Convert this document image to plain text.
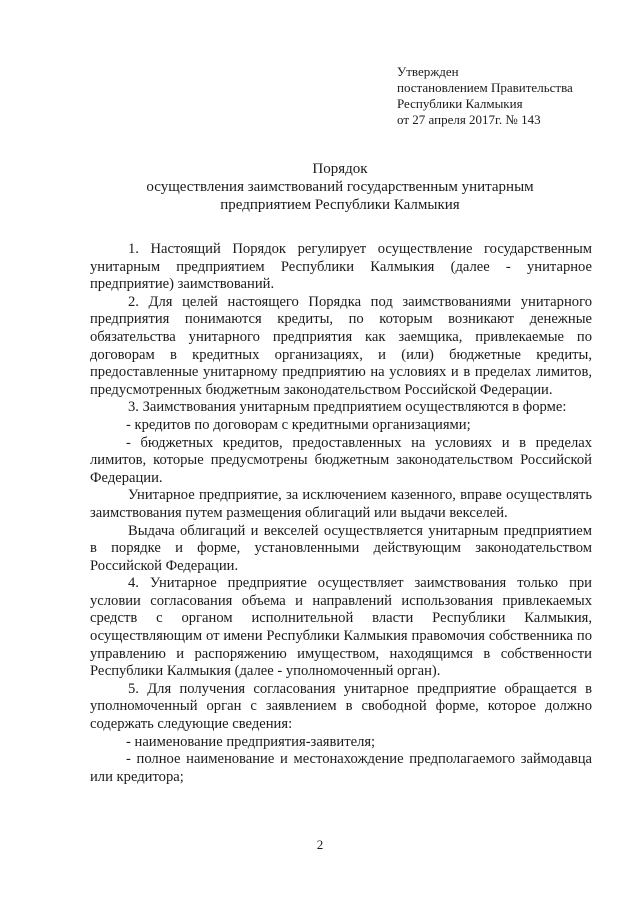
Утвержден
постановлением Правительства
Республики Калмыкия
от 27 апреля 2017г. № 143
Порядок
осуществления заимствований государственным унитарным
предприятием Республики Калмыкия

1. Настоящий Порядок регулирует осуществление государственным унитарным предприятием Республики Калмыкия (далее - унитарное предприятие) заимствований.

2. Для целей настоящего Порядка под заимствованиями унитарного предприятия понимаются кредиты, по которым возникают денежные обязательства унитарного предприятия как заемщика, привлекаемые по договорам в кредитных организациях, и (или) бюджетные кредиты, предоставленные унитарному предприятию на условиях и в пределах лимитов, предусмотренных бюджетным законодательством Российской Федерации.

3. Заимствования унитарным предприятием осуществляются в форме:

- кредитов по договорам с кредитными организациями;

- бюджетных кредитов, предоставленных на условиях и в пределах лимитов, которые предусмотрены бюджетным законодательством Российской Федерации.

Унитарное предприятие, за исключением казенного, вправе осуществлять заимствования путем размещения облигаций или выдачи векселей.

Выдача облигаций и векселей осуществляется унитарным предприятием в порядке и форме, установленными действующим законодательством Российской Федерации.

4. Унитарное предприятие осуществляет заимствования только при условии согласования объема и направлений использования привлекаемых средств с органом исполнительной власти Республики Калмыкия, осуществляющим от имени Республики Калмыкия правомочия собственника по управлению и распоряжению имуществом, находящимся в собственности Республики Калмыкия (далее - уполномоченный орган).

5. Для получения согласования унитарное предприятие обращается в уполномоченный орган с заявлением в свободной форме, которое должно содержать следующие сведения:

- наименование предприятия-заявителя;

- полное наименование и местонахождение предполагаемого займодавца или кредитора;

2
